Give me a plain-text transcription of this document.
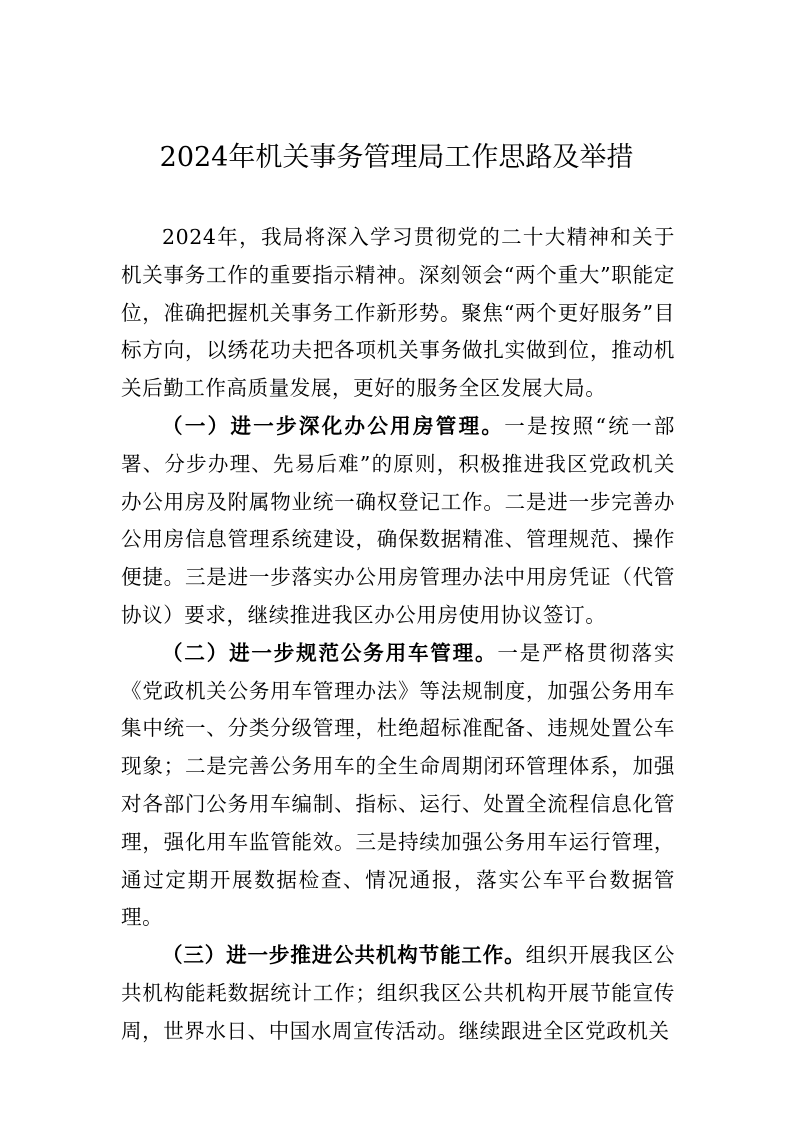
2024年机关事务管理局工作思路及举措

2024年，我局将深入学习贯彻党的二十大精神和关于机关事务工作的重要指示精神。深刻领会“两个重大”职能定位，准确把握机关事务工作新形势。聚焦“两个更好服务”目标方向，以绣花功夫把各项机关事务做扎实做到位，推动机关后勤工作高质量发展，更好的服务全区发展大局。

（一）进一步深化办公用房管理。一是按照“统一部署、分步办理、先易后难”的原则，积极推进我区党政机关办公用房及附属物业统一确权登记工作。二是进一步完善办公用房信息管理系统建设，确保数据精准、管理规范、操作便捷。三是进一步落实办公用房管理办法中用房凭证（代管协议）要求，继续推进我区办公用房使用协议签订。

（二）进一步规范公务用车管理。一是严格贯彻落实《党政机关公务用车管理办法》等法规制度，加强公务用车集中统一、分类分级管理，杜绝超标准配备、违规处置公车现象；二是完善公务用车的全生命周期闭环管理体系，加强对各部门公务用车编制、指标、运行、处置全流程信息化管理，强化用车监管能效。三是持续加强公务用车运行管理，通过定期开展数据检查、情况通报，落实公车平台数据管理。

（三）进一步推进公共机构节能工作。组织开展我区公共机构能耗数据统计工作；组织我区公共机构开展节能宣传周，世界水日、中国水周宣传活动。继续跟进全区党政机关
